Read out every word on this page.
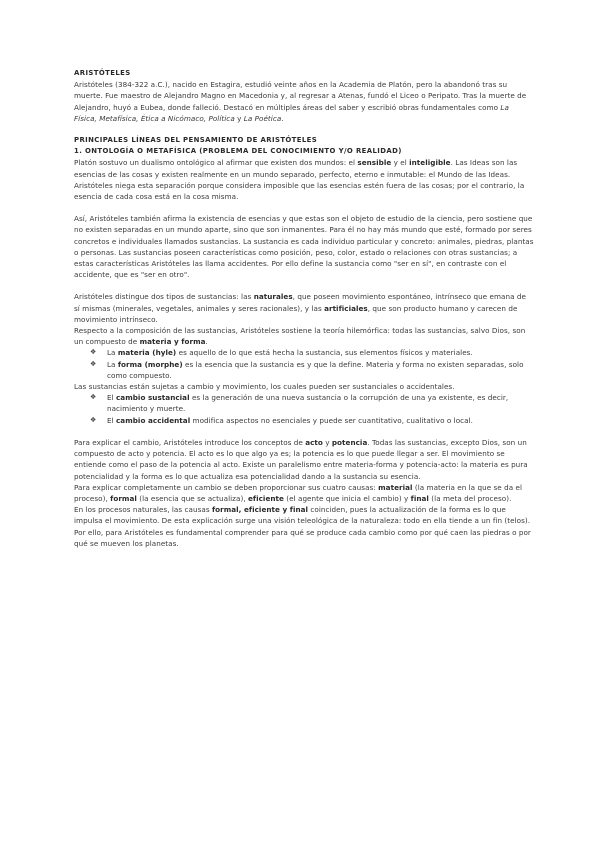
ARISTÓTELES

Aristóteles (384-322 a.C.), nacido en Estagira, estudió veinte años en la Academia de Platón, pero la abandonó tras su muerte. Fue maestro de Alejandro Magno en Macedonia y, al regresar a Atenas, fundó el Liceo o Peripato. Tras la muerte de Alejandro, huyó a Eubea, donde falleció. Destacó en múltiples áreas del saber y escribió obras fundamentales como La Física, Metafísica, Ética a Nicómaco, Política y La Poética.

PRINCIPALES LÍNEAS DEL PENSAMIENTO DE ARISTÓTELES

1. ONTOLOGÍA O METAFÍSICA (PROBLEMA DEL CONOCIMIENTO Y/O REALIDAD)

Platón sostuvo un dualismo ontológico al afirmar que existen dos mundos: el sensible y el inteligible. Las Ideas son las esencias de las cosas y existen realmente en un mundo separado, perfecto, eterno e inmutable: el Mundo de las Ideas. Aristóteles niega esta separación porque considera imposible que las esencias estén fuera de las cosas; por el contrario, la esencia de cada cosa está en la cosa misma.

Así, Aristóteles también afirma la existencia de esencias y que estas son el objeto de estudio de la ciencia, pero sostiene que no existen separadas en un mundo aparte, sino que son inmanentes. Para él no hay más mundo que esté, formado por seres concretos e individuales llamados sustancias. La sustancia es cada individuo particular y concreto: animales, piedras, plantas o personas. Las sustancias poseen características como posición, peso, color, estado o relaciones con otras sustancias; a estas características Aristóteles las llama accidentes. Por ello define la sustancia como "ser en sí", en contraste con el accidente, que es "ser en otro".

Aristóteles distingue dos tipos de sustancias: las naturales, que poseen movimiento espontáneo, intrínseco que emana de sí mismas (minerales, vegetales, animales y seres racionales), y las artificiales, que son producto humano y carecen de movimiento intrínseco.

Respecto a la composición de las sustancias, Aristóteles sostiene la teoría hilemórfica: todas las sustancias, salvo Dios, son un compuesto de materia y forma.

❖ La materia (hyle) es aquello de lo que está hecha la sustancia, sus elementos físicos y materiales.
❖ La forma (morphe) es la esencia que la sustancia es y que la define. Materia y forma no existen separadas, solo como compuesto.

Las sustancias están sujetas a cambio y movimiento, los cuales pueden ser sustanciales o accidentales.

❖ El cambio sustancial es la generación de una nueva sustancia o la corrupción de una ya existente, es decir, nacimiento y muerte.
❖ El cambio accidental modifica aspectos no esenciales y puede ser cuantitativo, cualitativo o local.

Para explicar el cambio, Aristóteles introduce los conceptos de acto y potencia. Todas las sustancias, excepto Dios, son un compuesto de acto y potencia. El acto es lo que algo ya es; la potencia es lo que puede llegar a ser. El movimiento se entiende como el paso de la potencia al acto. Existe un paralelismo entre materia-forma y potencia-acto: la materia es pura potencialidad y la forma es lo que actualiza esa potencialidad dando a la sustancia su esencia.

Para explicar completamente un cambio se deben proporcionar sus cuatro causas: material (la materia en la que se da el proceso), formal (la esencia que se actualiza), eficiente (el agente que inicia el cambio) y final (la meta del proceso).

En los procesos naturales, las causas formal, eficiente y final coinciden, pues la actualización de la forma es lo que impulsa el movimiento. De esta explicación surge una visión teleológica de la naturaleza: todo en ella tiende a un fin (telos). Por ello, para Aristóteles es fundamental comprender para qué se produce cada cambio como por qué caen las piedras o por qué se mueven los planetas.
